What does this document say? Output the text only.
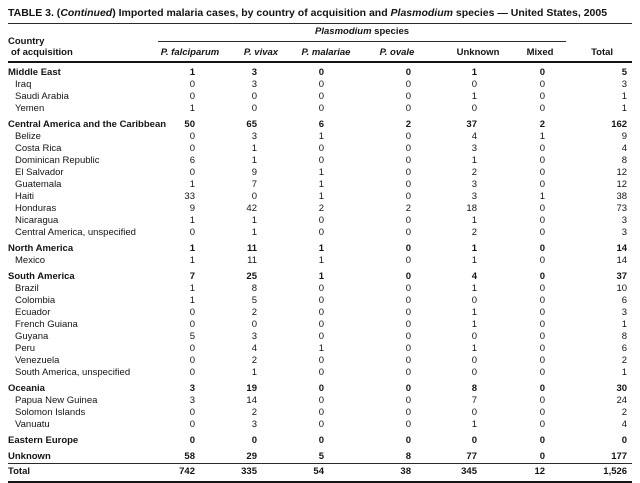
TABLE 3. (Continued) Imported malaria cases, by country of acquisition and Plasmodium species — United States, 2005
Country
of acquisition	Plasmodium species						Total
	P. falciparum	P. vivax	P. malariae	P. ovale	Unknown	Mixed	
Middle East	1	3	0	0	1	0	5
Iraq	0	3	0	0	0	0	3
Saudi Arabia	0	0	0	0	1	0	1
Yemen	1	0	0	0	0	0	1
Central America and the Caribbean	50	65	6	2	37	2	162
Belize	0	3	1	0	4	1	9
Costa Rica	0	1	0	0	3	0	4
Dominican Republic	6	1	0	0	1	0	8
El Salvador	0	9	1	0	2	0	12
Guatemala	1	7	1	0	3	0	12
Haiti	33	0	1	0	3	1	38
Honduras	9	42	2	2	18	0	73
Nicaragua	1	1	0	0	1	0	3
Central America, unspecified	0	1	0	0	2	0	3
North America	1	11	1	0	1	0	14
Mexico	1	11	1	0	1	0	14
South America	7	25	1	0	4	0	37
Brazil	1	8	0	0	1	0	10
Colombia	1	5	0	0	0	0	6
Ecuador	0	2	0	0	1	0	3
French Guiana	0	0	0	0	1	0	1
Guyana	5	3	0	0	0	0	8
Peru	0	4	1	0	1	0	6
Venezuela	0	2	0	0	0	0	2
South America, unspecified	0	1	0	0	0	0	1
Oceania	3	19	0	0	8	0	30
Papua New Guinea	3	14	0	0	7	0	24
Solomon Islands	0	2	0	0	0	0	2
Vanuatu	0	3	0	0	1	0	4
Eastern Europe	0	0	0	0	0	0	0
Unknown	58	29	5	8	77	0	177
Total	742	335	54	38	345	12	1,526
